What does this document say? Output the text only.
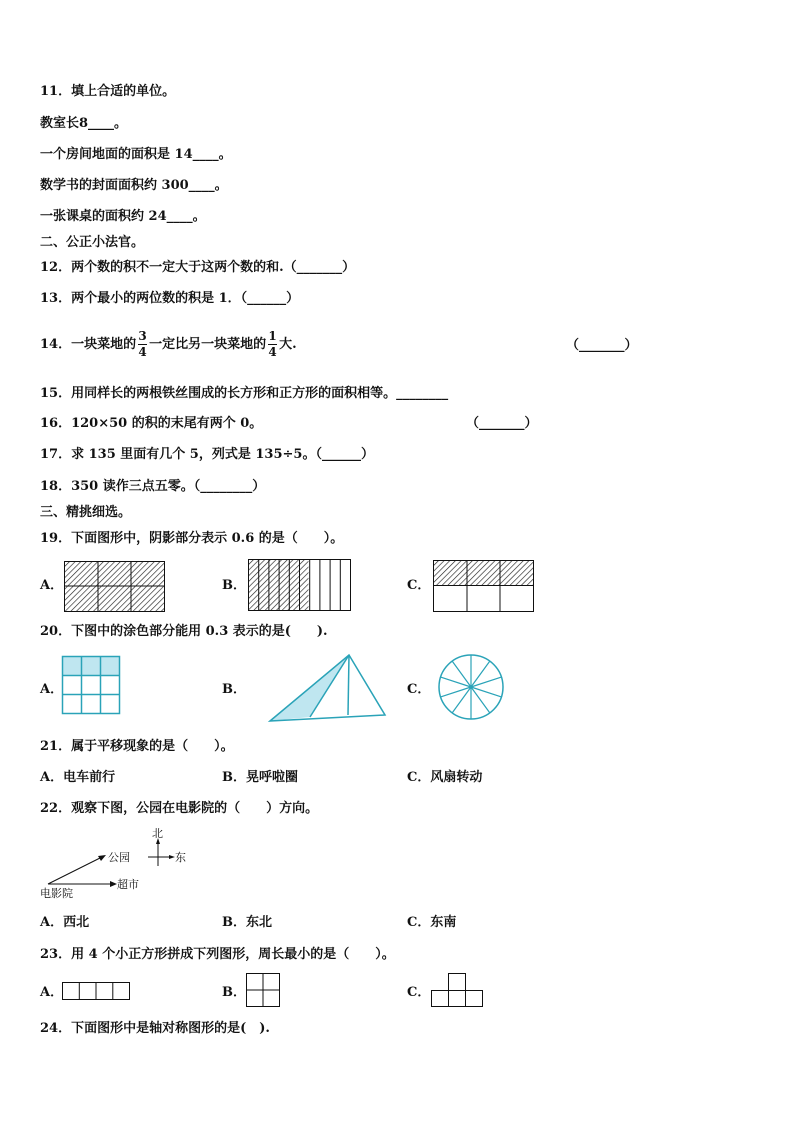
11．填上合适的单位。
教室长8____。
一个房间地面的面积是 14____。
数学书的封面面积约 300____。
一张课桌的面积约 24____。
二、公正小法官。
12．两个数的积不一定大于这两个数的和.（_______）
13．两个最小的两位数的积是 1．（______）
14．一块菜地的 $\frac{3}{4}$ 一定比另一块菜地的 $\frac{1}{4}$ 大.	（_______）
15．用同样长的两根铁丝围成的长方形和正方形的面积相等。________
16．120×50 的积的末尾有两个 0。	（_______）
17．求 135 里面有几个 5，列式是 135÷5。（______）
18．350 读作三点五零。（________）
三、精挑细选。
19．下面图形中，阴影部分表示 0.6 的是（　　）。
A．	B．	C．
20．下图中的涂色部分能用 0.3 表示的是(　　).
A．	B．	C．
21．属于平移现象的是（　　）。
A．电车前行	B．晃呼啦圈	C．风扇转动
22．观察下图，公园在电影院的（　　）方向。
北
东
公园
超市
电影院
A．西北	B．东北	C．东南
23．用 4 个小正方形拼成下列图形，周长最小的是（　　）。
A．	B．	C．
24．下面图形中是轴对称图形的是(　).
